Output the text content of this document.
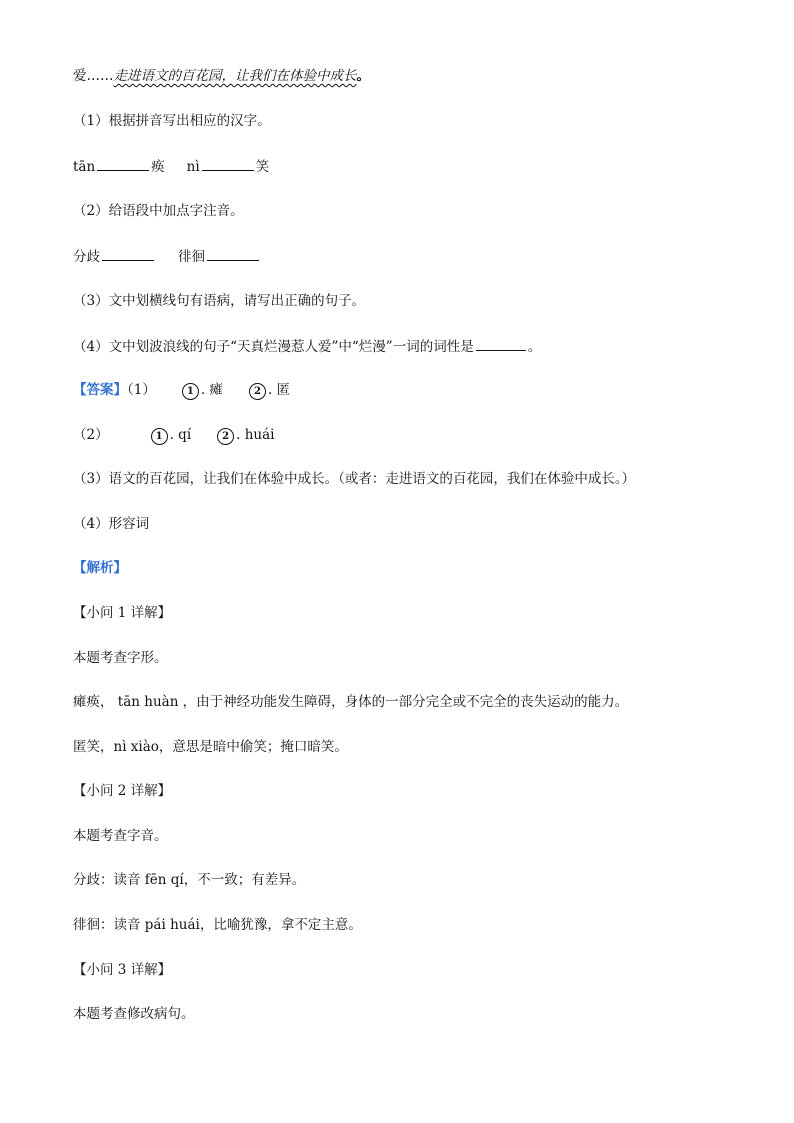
爱……走进语文的百花园，让我们在体验中成长。
（1）根据拼音写出相应的汉字。
tān	痪 nì	笑
（2）给语段中加点字注音。
分歧	徘徊
（3）文中划横线句有语病，请写出正确的句子。
（4）文中划波浪线的句子“天真烂漫惹人爱”中“烂漫”一词的词性是	。
【答案】（1）	1 . 瘫	2 . 匿
（2）	1 . qí	2 . huái
（3）语文的百花园，让我们在体验中成长。（或者：走进语文的百花园，我们在体验中成长。）
（4）形容词
【解析】
【小问 1 详解】
本题考查字形。
瘫痪， tān huàn ，由于神经功能发生障碍，身体的一部分完全或不完全的丧失运动的能力。
匿笑，nì xiào，意思是暗中偷笑；掩口暗笑。
【小问 2 详解】
本题考查字音。
分歧：读音 fēn qí，不一致；有差异。
徘徊：读音 pái huái，比喻犹豫，拿不定主意。
【小问 3 详解】
本题考查修改病句。
